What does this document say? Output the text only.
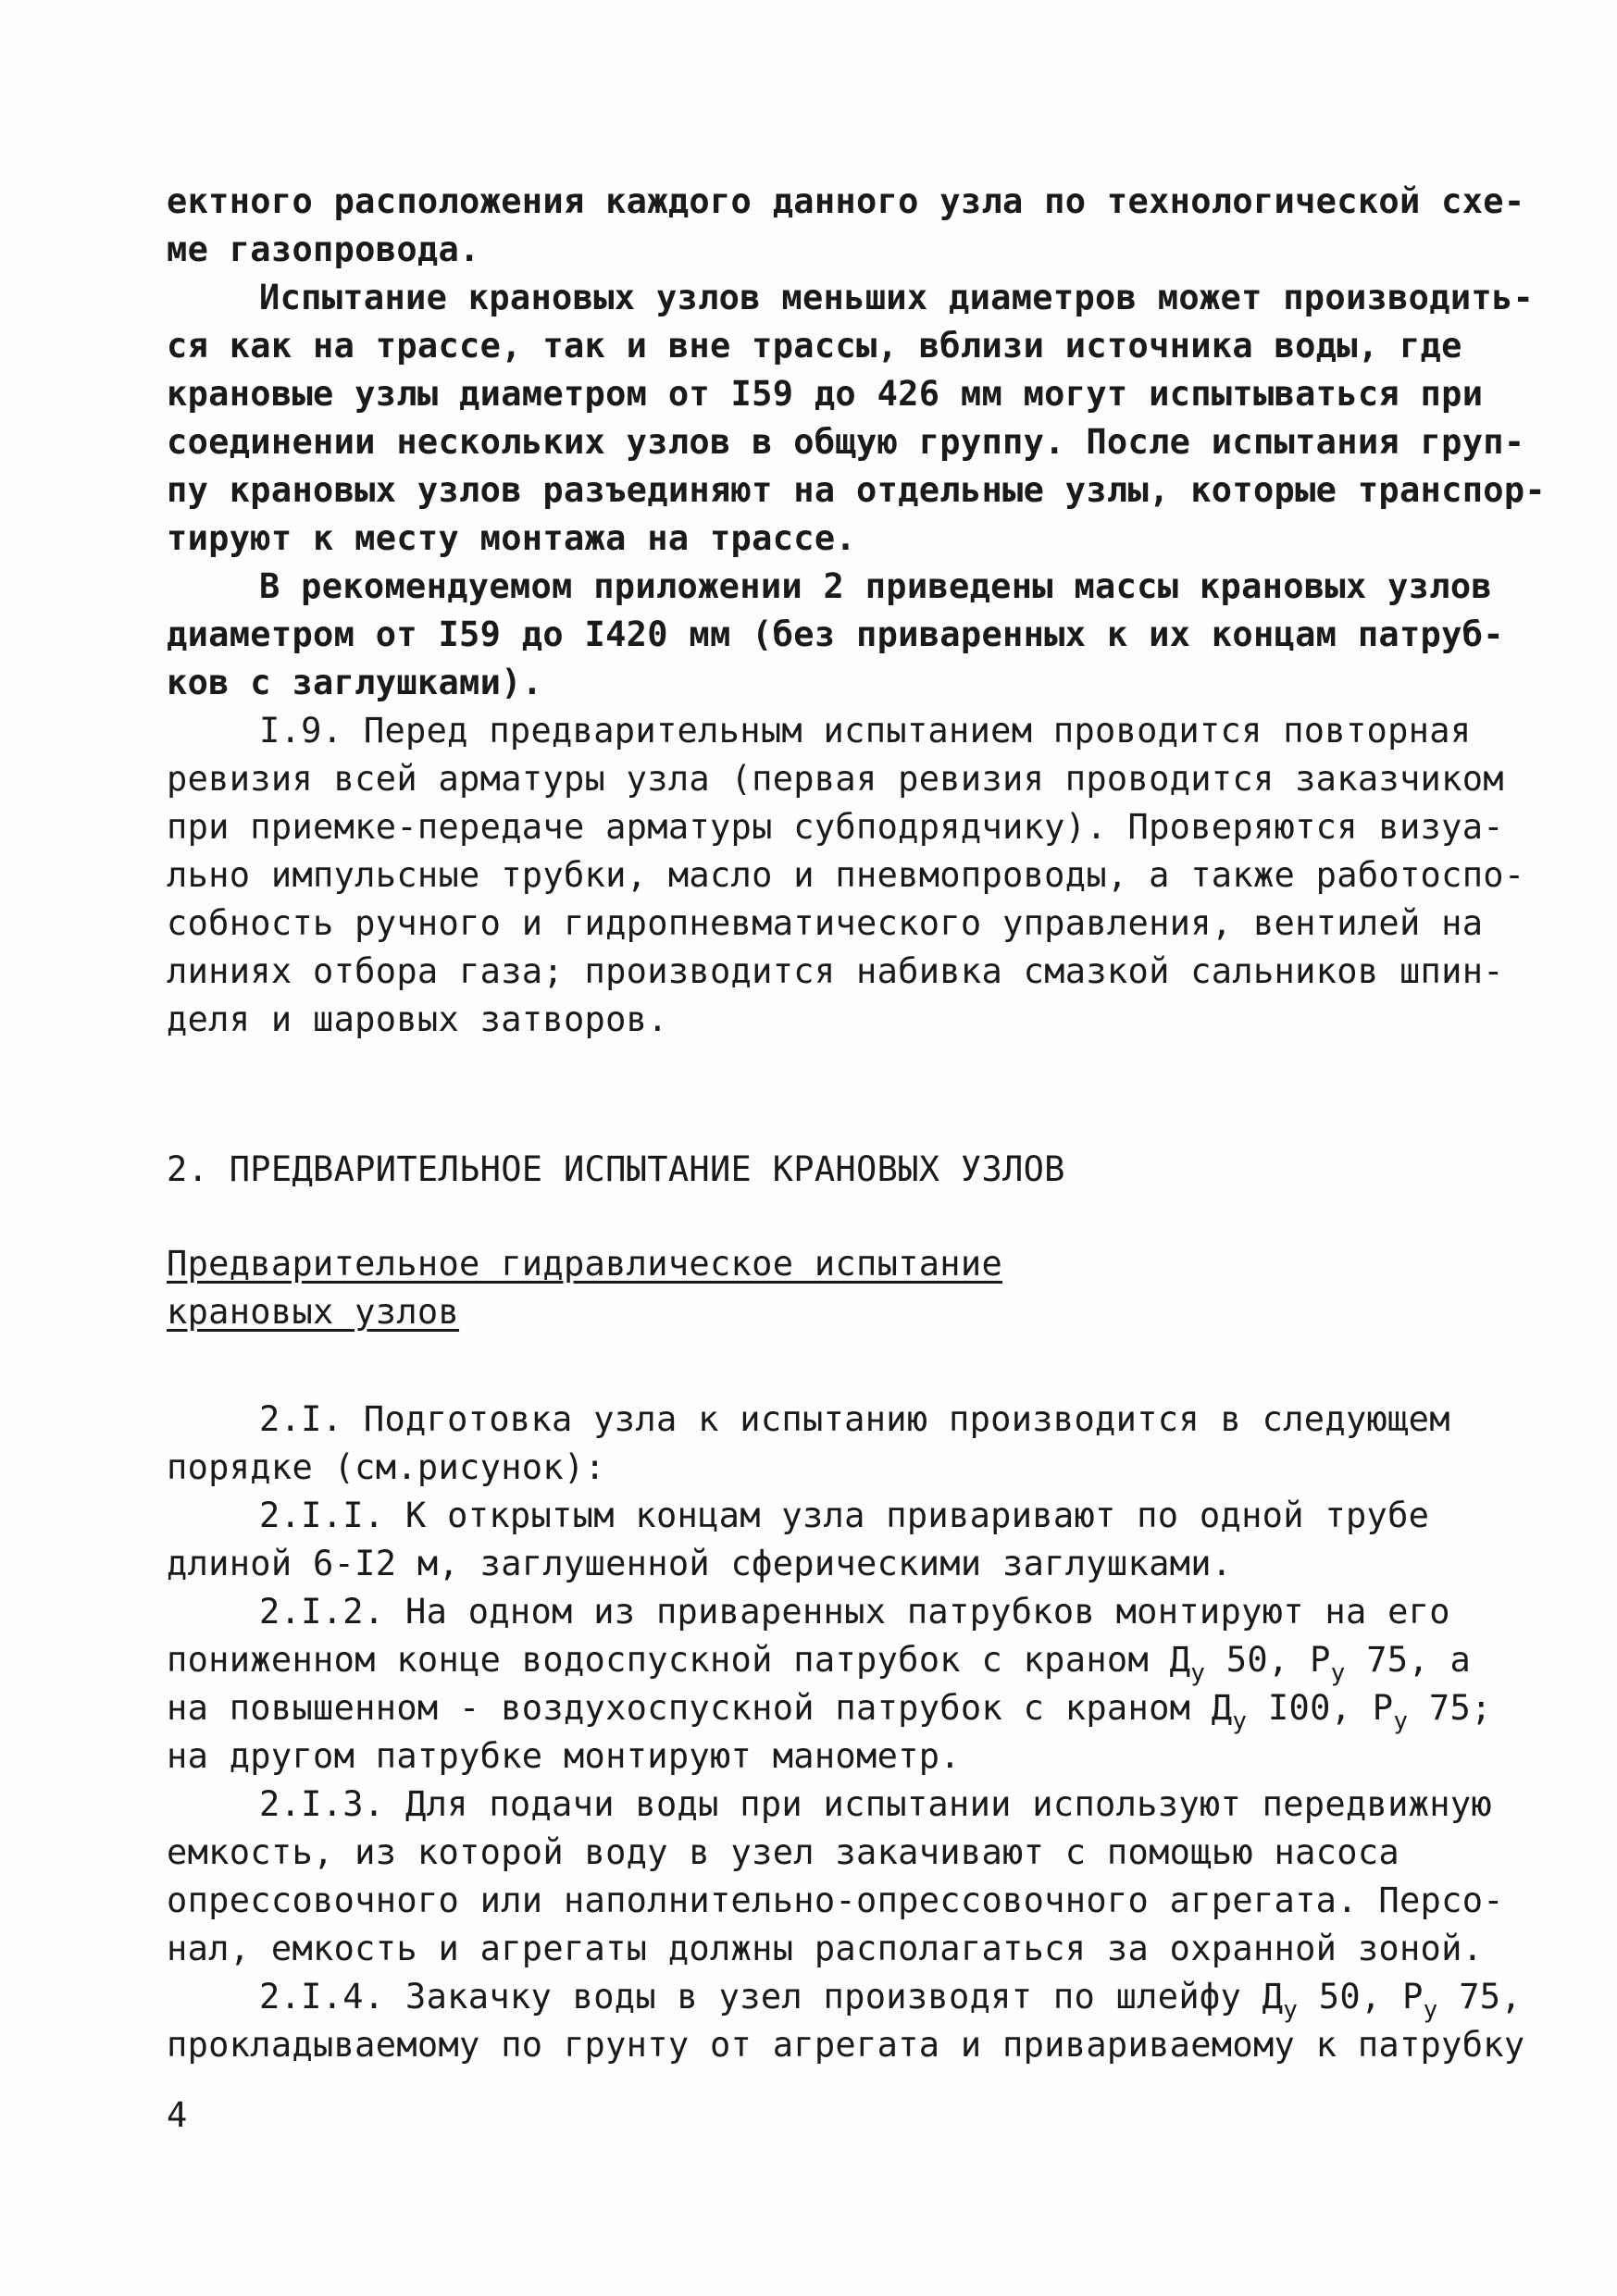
ектного расположения каждого данного узла по технологической схе-
ме газопровода.
Испытание крановых узлов меньших диаметров может производить-
ся как на трассе, так и вне трассы, вблизи источника воды, где
крановые узлы диаметром от I59 до 426 мм могут испытываться при
соединении нескольких узлов в общую группу. После испытания груп-
пу крановых узлов разъединяют на отдельные узлы, которые транспор-
тируют к месту монтажа на трассе.
В рекомендуемом приложении 2 приведены массы крановых узлов
диаметром от I59 до I420 мм (без приваренных к их концам патруб-
ков с заглушками).
I.9. Перед предварительным испытанием проводится повторная
ревизия всей арматуры узла (первая ревизия проводится заказчиком
при приемке-передаче арматуры субподрядчику). Проверяются визуа-
льно импульсные трубки, масло и пневмопроводы, а также работоспо-
собность ручного и гидропневматического управления, вентилей на
линиях отбора газа; производится набивка смазкой сальников шпин-
деля и шаровых затворов.
2. ПРЕДВАРИТЕЛЬНОЕ ИСПЫТАНИЕ КРАНОВЫХ УЗЛОВ
Предварительное гидравлическое испытание
крановых узлов
2.I. Подготовка узла к испытанию производится в следующем
порядке (см.рисунок):
2.I.I. К открытым концам узла приваривают по одной трубе
длиной 6-I2 м, заглушенной сферическими заглушками.
2.I.2. На одном из приваренных патрубков монтируют на его
пониженном конце водоспускной патрубок с краном $Д_у$ 50, $Р_у$ 75, а
на повышенном - воздухоспускной патрубок с краном $Д_у$ I00, $Р_у$ 75;
на другом патрубке монтируют манометр.
2.I.3. Для подачи воды при испытании используют передвижную
емкость, из которой воду в узел закачивают с помощью насоса
опрессовочного или наполнительно-опрессовочного агрегата. Персо-
нал, емкость и агрегаты должны располагаться за охранной зоной.
2.I.4. Закачку воды в узел производят по шлейфу $Д_у$ 50, $Р_у$ 75,
прокладываемому по грунту от агрегата и привариваемому к патрубку
4
